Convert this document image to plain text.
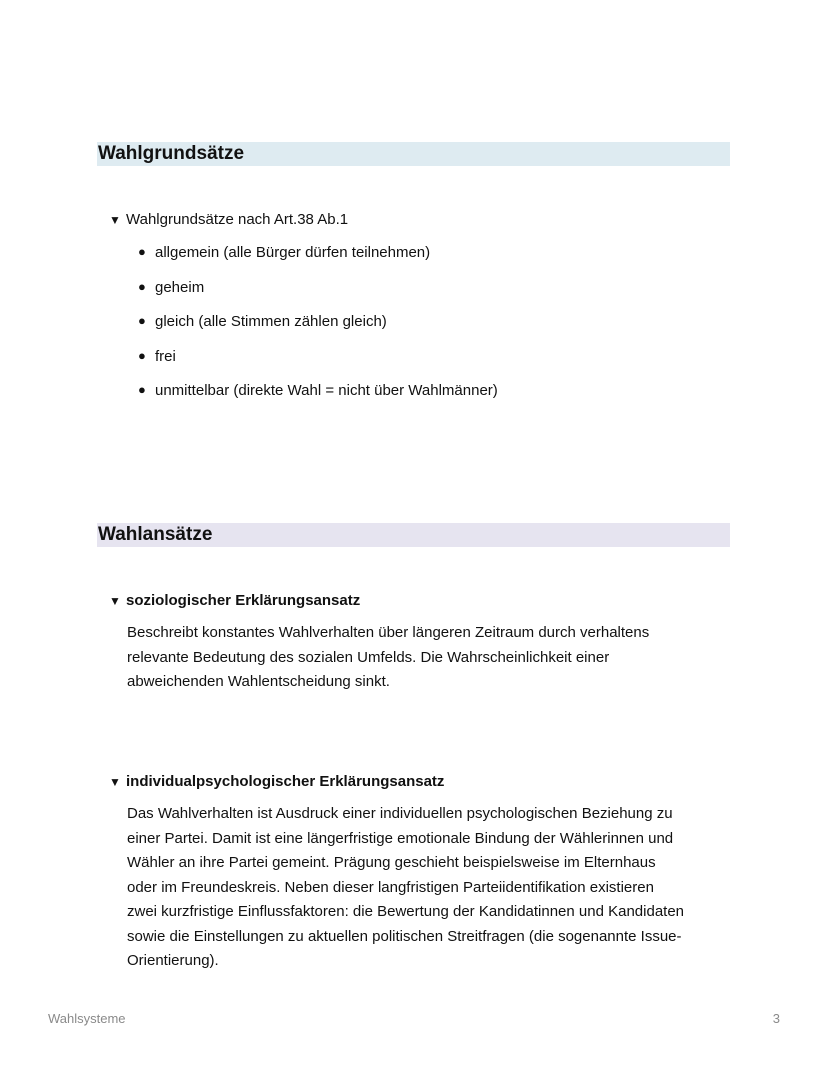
Wahlgrundsätze
▼ Wahlgrundsätze nach Art.38 Ab.1
● allgemein (alle Bürger dürfen teilnehmen)
● geheim
● gleich (alle Stimmen zählen gleich)
● frei
● unmittelbar (direkte Wahl = nicht über Wahlmänner)
Wahlansätze
▼ soziologischer Erklärungsansatz
Beschreibt konstantes Wahlverhalten über längeren Zeitraum durch verhaltens
relevante Bedeutung des sozialen Umfelds. Die Wahrscheinlichkeit einer
abweichenden Wahlentscheidung sinkt.
▼ individualpsychologischer Erklärungsansatz
Das Wahlverhalten ist Ausdruck einer individuellen psychologischen Beziehung zu
einer Partei. Damit ist eine längerfristige emotionale Bindung der Wählerinnen und
Wähler an ihre Partei gemeint. Prägung geschieht beispielsweise im Elternhaus
oder im Freundeskreis. Neben dieser langfristigen Parteiidentifikation existieren
zwei kurzfristige Einflussfaktoren: die Bewertung der Kandidatinnen und Kandidaten
sowie die Einstellungen zu aktuellen politischen Streitfragen (die sogenannte Issue-
Orientierung).
Wahlsysteme	3
